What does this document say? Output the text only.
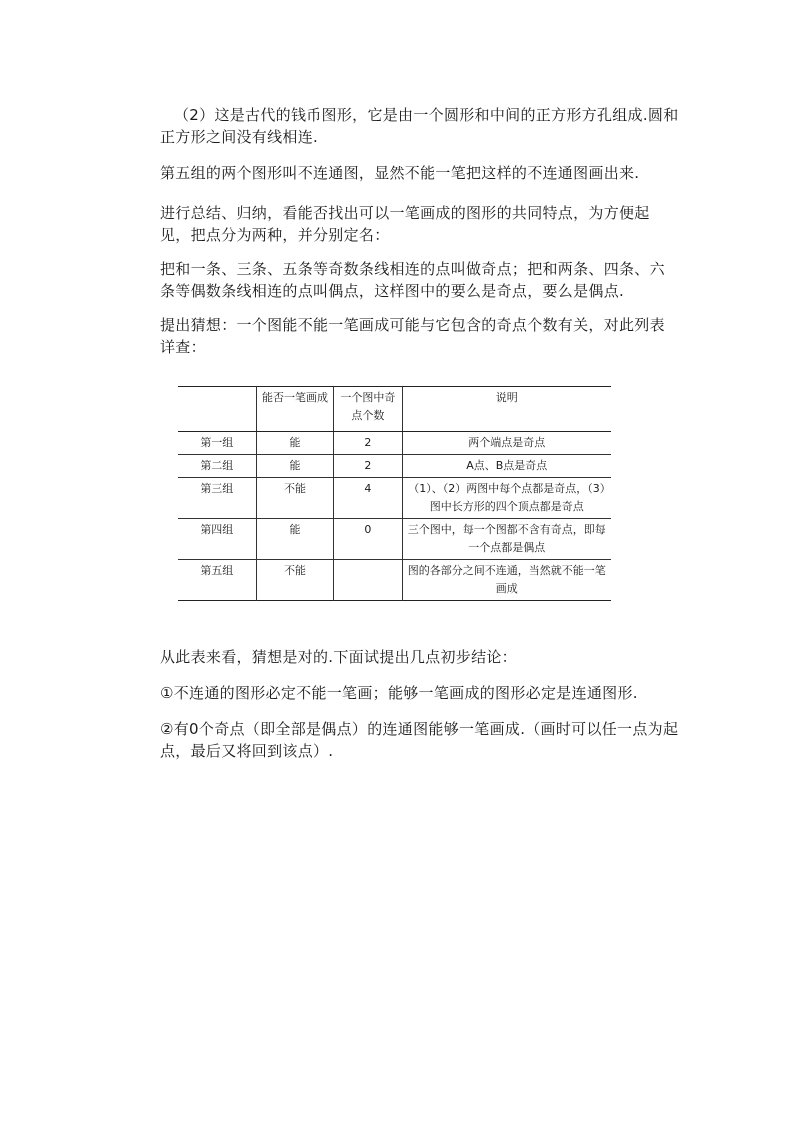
（2）这是古代的钱币图形，它是由一个圆形和中间的正方形方孔组成.圆和正方形之间没有线相连.

第五组的两个图形叫不连通图，显然不能一笔把这样的不连通图画出来.

进行总结、归纳，看能否找出可以一笔画成的图形的共同特点，为方便起见，把点分为两种，并分别定名：

把和一条、三条、五条等奇数条线相连的点叫做奇点；把和两条、四条、六条等偶数条线相连的点叫偶点，这样图中的要么是奇点，要么是偶点.

提出猜想：一个图能不能一笔画成可能与它包含的奇点个数有关，对此列表详查：

	能否一笔画成	一个图中奇点个数	说明
第一组	能	2	两个端点是奇点
第二组	能	2	A点、B点是奇点
第三组	不能	4	（1）、（2）两图中每个点都是奇点，（3）图中长方形的四个顶点都是奇点
第四组	能	0	三个图中，每一个图都不含有奇点，即每一个点都是偶点
第五组	不能		图的各部分之间不连通，当然就不能一笔画成

从此表来看，猜想是对的.下面试提出几点初步结论：

①不连通的图形必定不能一笔画；能够一笔画成的图形必定是连通图形.

②有0个奇点（即全部是偶点）的连通图能够一笔画成.（画时可以任一点为起点，最后又将回到该点）.
